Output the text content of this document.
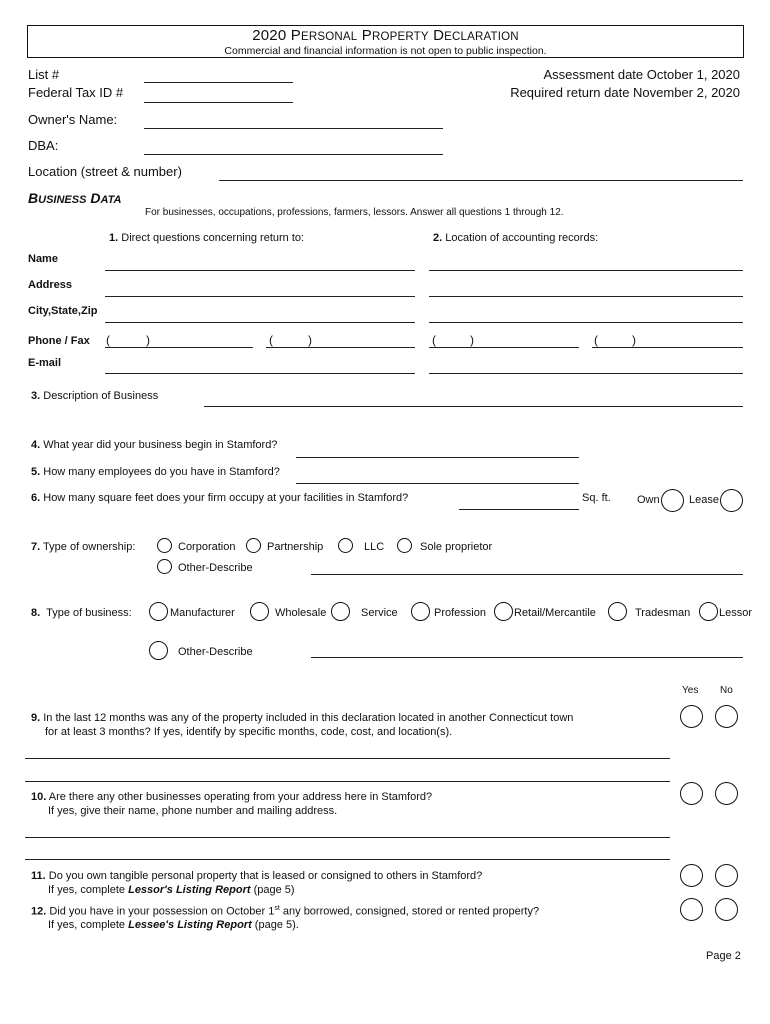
2020 PERSONAL PROPERTY DECLARATION
Commercial and financial information is not open to public inspection.
List #
Federal Tax ID #
Assessment date October 1, 2020
Required return date November 2, 2020
Owner's Name:
DBA:
Location (street & number)
BUSINESS DATA
For businesses, occupations, professions, farmers, lessors. Answer all questions 1 through 12.
1. Direct questions concerning return to:	2. Location of accounting records:
Name
Address
City,State,Zip
Phone / Fax (	)	(	)	(	)	(	)
E-mail
3. Description of Business
4. What year did your business begin in Stamford?
5. How many employees do you have in Stamford?
6. How many square feet does your firm occupy at your facilities in Stamford?	Sq. ft. Own	Lease
7. Type of ownership:	Corporation	Partnership	LLC	Sole proprietor
Other-Describe
8. Type of business:	Manufacturer	Wholesale	Service	Profession	Retail/Mercantile	Tradesman	Lessor
Other-Describe
Yes No
9. In the last 12 months was any of the property included in this declaration located in another Connecticut town
for at least 3 months? If yes, identify by specific months, code, cost, and location(s).
10. Are there any other businesses operating from your address here in Stamford?
If yes, give their name, phone number and mailing address.
11. Do you own tangible personal property that is leased or consigned to others in Stamford?
If yes, complete Lessor's Listing Report (page 5)
12. Did you have in your possession on October 1st any borrowed, consigned, stored or rented property?
If yes, complete Lessee's Listing Report (page 5).
Page 2
